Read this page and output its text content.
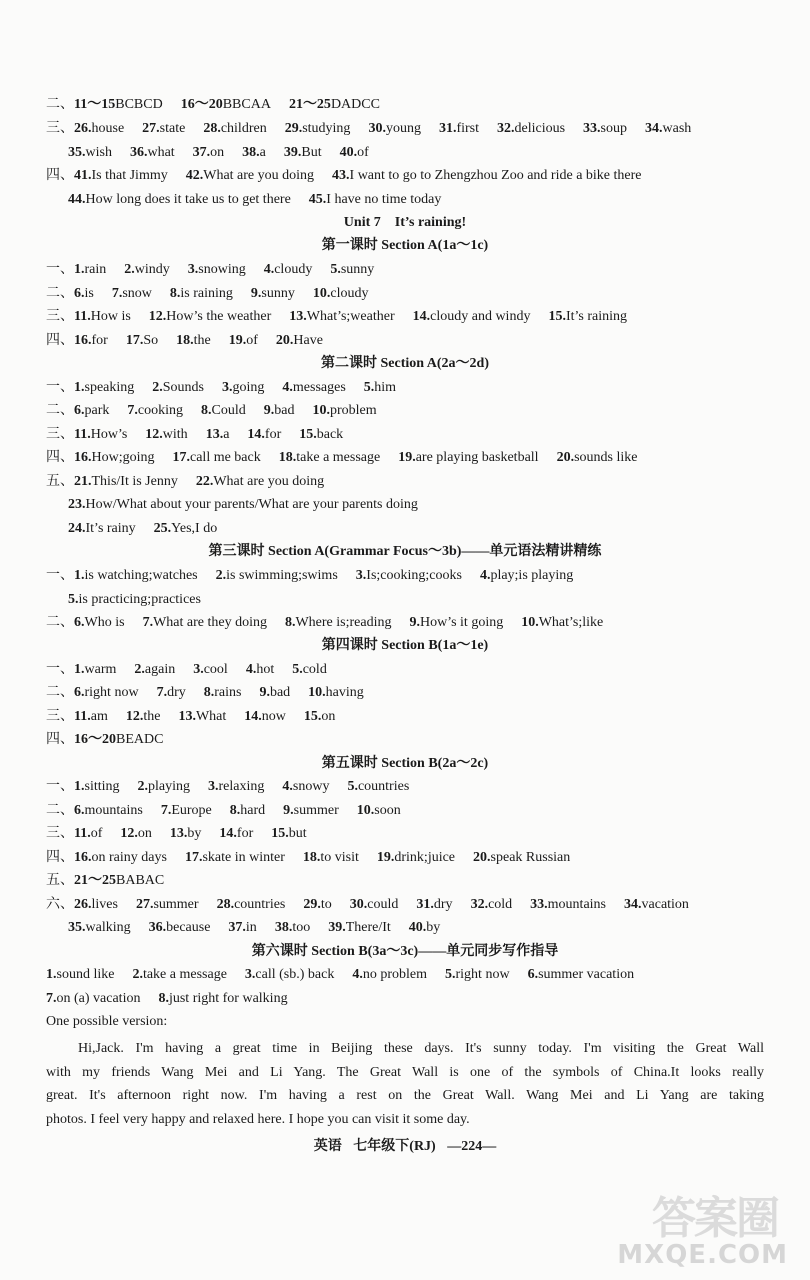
二、11～15BCBCD 16～20BBCAA 21～25DADCC
三、26.house 27.state 28.children 29.studying 30.young 31.first 32.delicious 33.soup 34.wash
35.wish 36.what 37.on 38.a 39.But 40.of
四、41.Is that Jimmy 42.What are you doing 43.I want to go to Zhengzhou Zoo and ride a bike there
44.How long does it take us to get there 45.I have no time today
Unit 7　It’s raining!
第一课时 Section A(1a～1c)
一、1.rain 2.windy 3.snowing 4.cloudy 5.sunny
二、6.is 7.snow 8.is raining 9.sunny 10.cloudy
三、11.How is 12.How’s the weather 13.What’s;weather 14.cloudy and windy 15.It’s raining
四、16.for 17.So 18.the 19.of 20.Have
第二课时 Section A(2a～2d)
一、1.speaking 2.Sounds 3.going 4.messages 5.him
二、6.park 7.cooking 8.Could 9.bad 10.problem
三、11.How’s 12.with 13.a 14.for 15.back
四、16.How;going 17.call me back 18.take a message 19.are playing basketball 20.sounds like
五、21.This/It is Jenny 22.What are you doing
23.How/What about your parents/What are your parents doing
24.It’s rainy 25.Yes,I do
第三课时 Section A(Grammar Focus～3b)——单元语法精讲精练
一、1.is watching;watches 2.is swimming;swims 3.Is;cooking;cooks 4.play;is playing
5.is practicing;practices
二、6.Who is 7.What are they doing 8.Where is;reading 9.How’s it going 10.What’s;like
第四课时 Section B(1a～1e)
一、1.warm 2.again 3.cool 4.hot 5.cold
二、6.right now 7.dry 8.rains 9.bad 10.having
三、11.am 12.the 13.What 14.now 15.on
四、16～20BEADC
第五课时 Section B(2a～2c)
一、1.sitting 2.playing 3.relaxing 4.snowy 5.countries
二、6.mountains 7.Europe 8.hard 9.summer 10.soon
三、11.of 12.on 13.by 14.for 15.but
四、16.on rainy days 17.skate in winter 18.to visit 19.drink;juice 20.speak Russian
五、21～25BABAC
六、26.lives 27.summer 28.countries 29.to 30.could 31.dry 32.cold 33.mountains 34.vacation
35.walking 36.because 37.in 38.too 39.There/It 40.by
第六课时 Section B(3a～3c)——单元同步写作指导
1.sound like 2.take a message 3.call (sb.) back 4.no problem 5.right now 6.summer vacation
7.on (a) vacation 8.just right for walking
One possible version:
Hi,Jack. I'm having a great time in Beijing these days. It's sunny today. I'm visiting the Great Wall
with my friends Wang Mei and Li Yang. The Great Wall is one of the symbols of China.It looks really
great. It's afternoon right now. I'm having a rest on the Great Wall. Wang Mei and Li Yang are taking
photos. I feel very happy and relaxed here. I hope you can visit it some day.
英语 七年级下(RJ) —224—
答案圈
MXQE.COM
